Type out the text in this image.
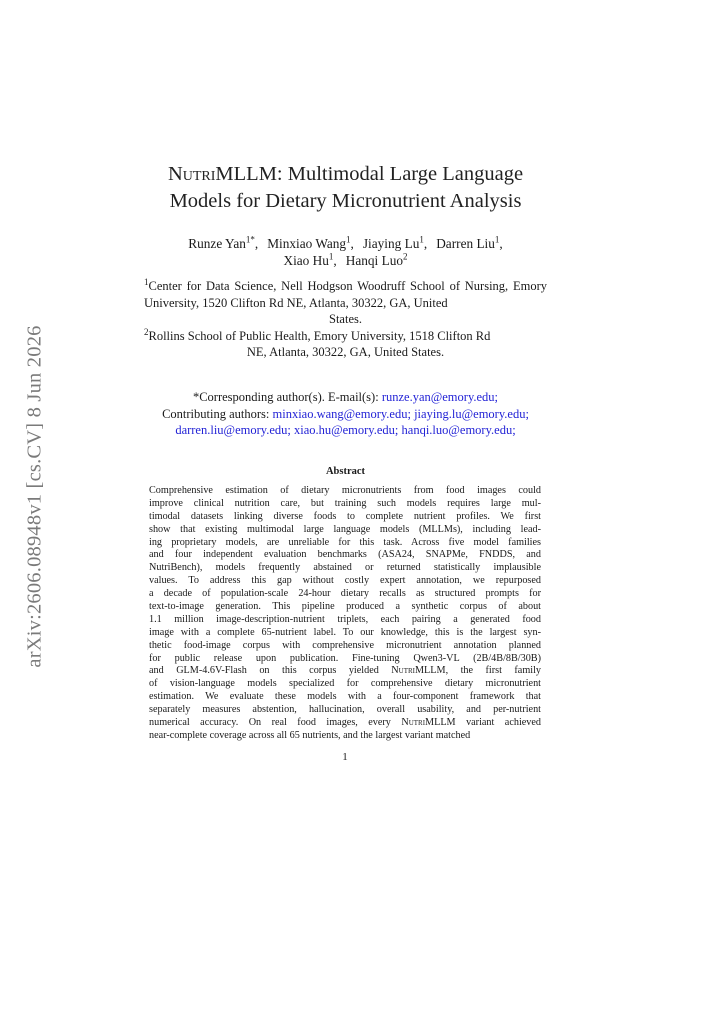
arXiv:2606.08948v1 [cs.CV] 8 Jun 2026
NutriMLLM: Multimodal Large Language
Models for Dietary Micronutrient Analysis
Runze Yan$^{1*}$, Minxiao Wang$^1$, Jiaying Lu$^1$, Darren Liu$^1$,
Xiao Hu$^1$, Hanqi Luo$^2$
$^1$Center for Data Science, Nell Hodgson Woodruff School of Nursing, Emory University, 1520 Clifton Rd NE, Atlanta, 30322, GA, United
States.
$^2$Rollins School of Public Health, Emory University, 1518 Clifton Rd
NE, Atlanta, 30322, GA, United States.
*Corresponding author(s). E-mail(s): runze.yan@emory.edu;
Contributing authors: minxiao.wang@emory.edu; jiaying.lu@emory.edu;
darren.liu@emory.edu; xiao.hu@emory.edu; hanqi.luo@emory.edu;
Abstract
Comprehensive estimation of dietary micronutrients from food images could
improve clinical nutrition care, but training such models requires large mul-
timodal datasets linking diverse foods to complete nutrient profiles. We first
show that existing multimodal large language models (MLLMs), including lead-
ing proprietary models, are unreliable for this task. Across five model families
and four independent evaluation benchmarks (ASA24, SNAPMe, FNDDS, and
NutriBench), models frequently abstained or returned statistically implausible
values. To address this gap without costly expert annotation, we repurposed
a decade of population-scale 24-hour dietary recalls as structured prompts for
text-to-image generation. This pipeline produced a synthetic corpus of about
1.1 million image-description-nutrient triplets, each pairing a generated food
image with a complete 65-nutrient label. To our knowledge, this is the largest syn-
thetic food-image corpus with comprehensive micronutrient annotation planned
for public release upon publication. Fine-tuning Qwen3-VL (2B/4B/8B/30B)
and GLM-4.6V-Flash on this corpus yielded NutriMLLM, the first family
of vision-language models specialized for comprehensive dietary micronutrient
estimation. We evaluate these models with a four-component framework that
separately measures abstention, hallucination, overall usability, and per-nutrient
numerical accuracy. On real food images, every NutriMLLM variant achieved
near-complete coverage across all 65 nutrients, and the largest variant matched
1
